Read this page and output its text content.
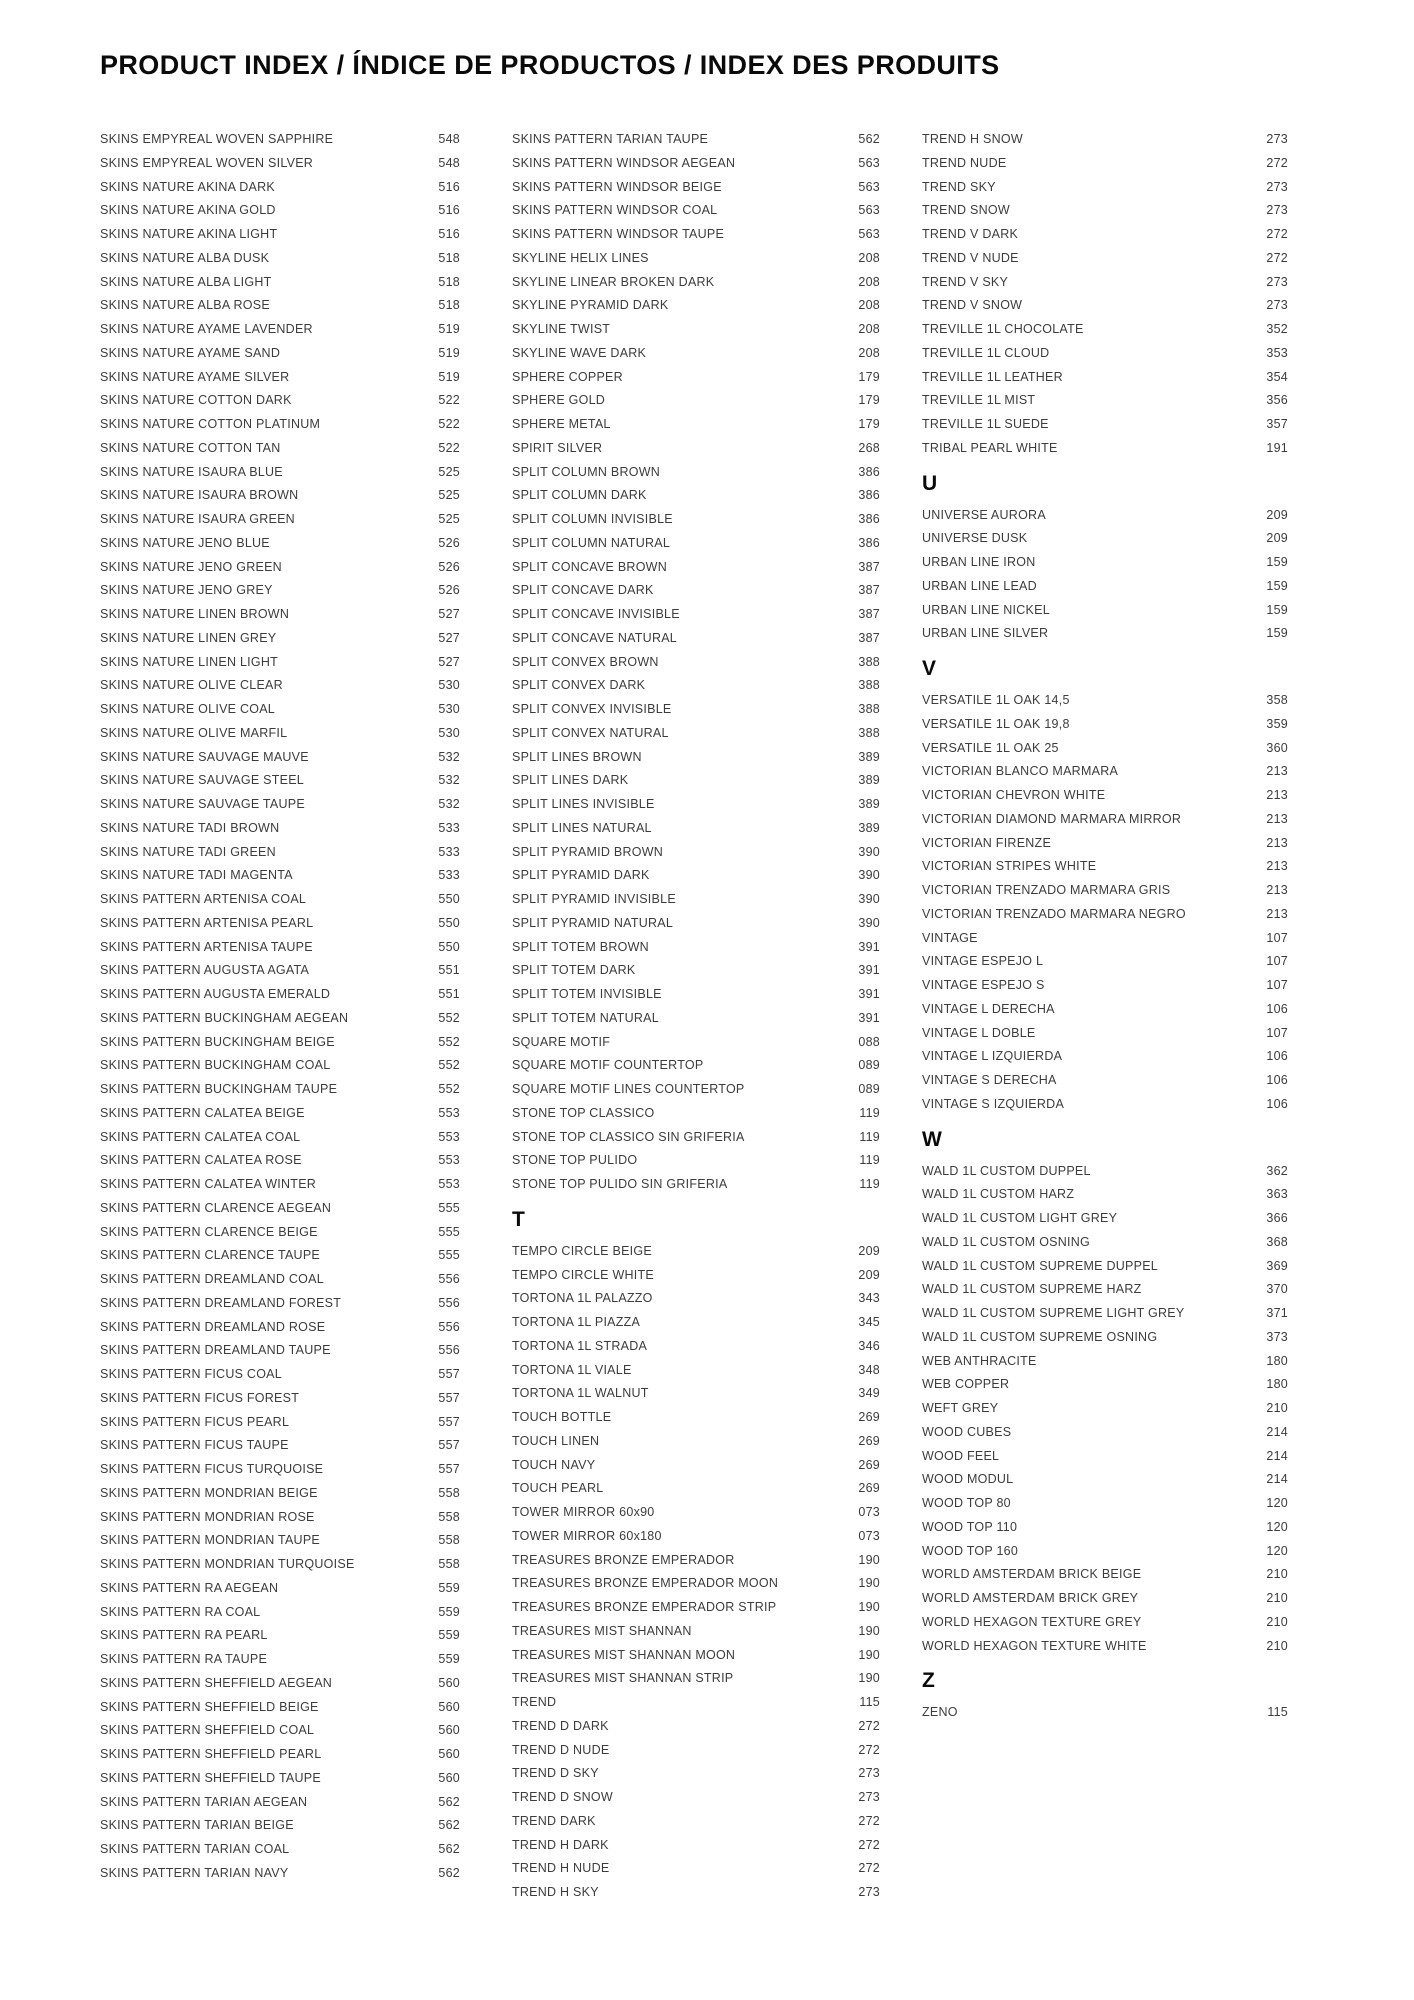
PRODUCT INDEX / ÍNDICE DE PRODUCTOS / INDEX DES PRODUITS
SKINS EMPYREAL WOVEN SAPPHIRE	548
SKINS EMPYREAL WOVEN SILVER	548
SKINS NATURE AKINA DARK	516
SKINS NATURE AKINA GOLD	516
SKINS NATURE AKINA LIGHT	516
SKINS NATURE ALBA DUSK	518
SKINS NATURE ALBA LIGHT	518
SKINS NATURE ALBA ROSE	518
SKINS NATURE AYAME LAVENDER	519
SKINS NATURE AYAME SAND	519
SKINS NATURE AYAME SILVER	519
SKINS NATURE COTTON DARK	522
SKINS NATURE COTTON PLATINUM	522
SKINS NATURE COTTON TAN	522
SKINS NATURE ISAURA BLUE	525
SKINS NATURE ISAURA BROWN	525
SKINS NATURE ISAURA GREEN	525
SKINS NATURE JENO BLUE	526
SKINS NATURE JENO GREEN	526
SKINS NATURE JENO GREY	526
SKINS NATURE LINEN BROWN	527
SKINS NATURE LINEN GREY	527
SKINS NATURE LINEN LIGHT	527
SKINS NATURE OLIVE CLEAR	530
SKINS NATURE OLIVE COAL	530
SKINS NATURE OLIVE MARFIL	530
SKINS NATURE SAUVAGE MAUVE	532
SKINS NATURE SAUVAGE STEEL	532
SKINS NATURE SAUVAGE TAUPE	532
SKINS NATURE TADI BROWN	533
SKINS NATURE TADI GREEN	533
SKINS NATURE TADI MAGENTA	533
SKINS PATTERN ARTENISA COAL	550
SKINS PATTERN ARTENISA PEARL	550
SKINS PATTERN ARTENISA TAUPE	550
SKINS PATTERN AUGUSTA AGATA	551
SKINS PATTERN AUGUSTA EMERALD	551
SKINS PATTERN BUCKINGHAM AEGEAN	552
SKINS PATTERN BUCKINGHAM BEIGE	552
SKINS PATTERN BUCKINGHAM COAL	552
SKINS PATTERN BUCKINGHAM TAUPE	552
SKINS PATTERN CALATEA BEIGE	553
SKINS PATTERN CALATEA COAL	553
SKINS PATTERN CALATEA ROSE	553
SKINS PATTERN CALATEA WINTER	553
SKINS PATTERN CLARENCE AEGEAN	555
SKINS PATTERN CLARENCE BEIGE	555
SKINS PATTERN CLARENCE TAUPE	555
SKINS PATTERN DREAMLAND COAL	556
SKINS PATTERN DREAMLAND FOREST	556
SKINS PATTERN DREAMLAND ROSE	556
SKINS PATTERN DREAMLAND TAUPE	556
SKINS PATTERN FICUS COAL	557
SKINS PATTERN FICUS FOREST	557
SKINS PATTERN FICUS PEARL	557
SKINS PATTERN FICUS TAUPE	557
SKINS PATTERN FICUS TURQUOISE	557
SKINS PATTERN MONDRIAN BEIGE	558
SKINS PATTERN MONDRIAN ROSE	558
SKINS PATTERN MONDRIAN TAUPE	558
SKINS PATTERN MONDRIAN TURQUOISE	558
SKINS PATTERN RA AEGEAN	559
SKINS PATTERN RA COAL	559
SKINS PATTERN RA PEARL	559
SKINS PATTERN RA TAUPE	559
SKINS PATTERN SHEFFIELD AEGEAN	560
SKINS PATTERN SHEFFIELD BEIGE	560
SKINS PATTERN SHEFFIELD COAL	560
SKINS PATTERN SHEFFIELD PEARL	560
SKINS PATTERN SHEFFIELD TAUPE	560
SKINS PATTERN TARIAN AEGEAN	562
SKINS PATTERN TARIAN BEIGE	562
SKINS PATTERN TARIAN COAL	562
SKINS PATTERN TARIAN NAVY	562
SKINS PATTERN TARIAN TAUPE	562
SKINS PATTERN WINDSOR AEGEAN	563
SKINS PATTERN WINDSOR BEIGE	563
SKINS PATTERN WINDSOR COAL	563
SKINS PATTERN WINDSOR TAUPE	563
SKYLINE HELIX LINES	208
SKYLINE LINEAR BROKEN DARK	208
SKYLINE PYRAMID DARK	208
SKYLINE TWIST	208
SKYLINE WAVE DARK	208
SPHERE COPPER	179
SPHERE GOLD	179
SPHERE METAL	179
SPIRIT SILVER	268
SPLIT COLUMN BROWN	386
SPLIT COLUMN DARK	386
SPLIT COLUMN INVISIBLE	386
SPLIT COLUMN NATURAL	386
SPLIT CONCAVE BROWN	387
SPLIT CONCAVE DARK	387
SPLIT CONCAVE INVISIBLE	387
SPLIT CONCAVE NATURAL	387
SPLIT CONVEX BROWN	388
SPLIT CONVEX DARK	388
SPLIT CONVEX INVISIBLE	388
SPLIT CONVEX NATURAL	388
SPLIT LINES BROWN	389
SPLIT LINES DARK	389
SPLIT LINES INVISIBLE	389
SPLIT LINES NATURAL	389
SPLIT PYRAMID BROWN	390
SPLIT PYRAMID DARK	390
SPLIT PYRAMID INVISIBLE	390
SPLIT PYRAMID NATURAL	390
SPLIT TOTEM BROWN	391
SPLIT TOTEM DARK	391
SPLIT TOTEM INVISIBLE	391
SPLIT TOTEM NATURAL	391
SQUARE MOTIF	088
SQUARE MOTIF COUNTERTOP	089
SQUARE MOTIF LINES COUNTERTOP	089
STONE TOP CLASSICO	119
STONE TOP CLASSICO SIN GRIFERIA	119
STONE TOP PULIDO	119
STONE TOP PULIDO SIN GRIFERIA	119
T
TEMPO CIRCLE BEIGE	209
TEMPO CIRCLE WHITE	209
TORTONA 1L PALAZZO	343
TORTONA 1L PIAZZA	345
TORTONA 1L STRADA	346
TORTONA 1L VIALE	348
TORTONA 1L WALNUT	349
TOUCH BOTTLE	269
TOUCH LINEN	269
TOUCH NAVY	269
TOUCH PEARL	269
TOWER MIRROR 60x90	073
TOWER MIRROR 60x180	073
TREASURES BRONZE EMPERADOR	190
TREASURES BRONZE EMPERADOR MOON	190
TREASURES BRONZE EMPERADOR STRIP	190
TREASURES MIST SHANNAN	190
TREASURES MIST SHANNAN MOON	190
TREASURES MIST SHANNAN STRIP	190
TREND	115
TREND D DARK	272
TREND D NUDE	272
TREND D SKY	273
TREND D SNOW	273
TREND DARK	272
TREND H DARK	272
TREND H NUDE	272
TREND H SKY	273
TREND H SNOW	273
TREND NUDE	272
TREND SKY	273
TREND SNOW	273
TREND V DARK	272
TREND V NUDE	272
TREND V SKY	273
TREND V SNOW	273
TREVILLE 1L CHOCOLATE	352
TREVILLE 1L CLOUD	353
TREVILLE 1L LEATHER	354
TREVILLE 1L MIST	356
TREVILLE 1L SUEDE	357
TRIBAL PEARL WHITE	191
U
UNIVERSE AURORA	209
UNIVERSE DUSK	209
URBAN LINE IRON	159
URBAN LINE LEAD	159
URBAN LINE NICKEL	159
URBAN LINE SILVER	159
V
VERSATILE 1L OAK 14,5	358
VERSATILE 1L OAK 19,8	359
VERSATILE 1L OAK 25	360
VICTORIAN BLANCO MARMARA	213
VICTORIAN CHEVRON WHITE	213
VICTORIAN DIAMOND MARMARA MIRROR	213
VICTORIAN FIRENZE	213
VICTORIAN STRIPES WHITE	213
VICTORIAN TRENZADO MARMARA GRIS	213
VICTORIAN TRENZADO MARMARA NEGRO	213
VINTAGE	107
VINTAGE ESPEJO L	107
VINTAGE ESPEJO S	107
VINTAGE L DERECHA	106
VINTAGE L DOBLE	107
VINTAGE L IZQUIERDA	106
VINTAGE S DERECHA	106
VINTAGE S IZQUIERDA	106
W
WALD 1L CUSTOM DUPPEL	362
WALD 1L CUSTOM HARZ	363
WALD 1L CUSTOM LIGHT GREY	366
WALD 1L CUSTOM OSNING	368
WALD 1L CUSTOM SUPREME DUPPEL	369
WALD 1L CUSTOM SUPREME HARZ	370
WALD 1L CUSTOM SUPREME LIGHT GREY	371
WALD 1L CUSTOM SUPREME OSNING	373
WEB ANTHRACITE	180
WEB COPPER	180
WEFT GREY	210
WOOD CUBES	214
WOOD FEEL	214
WOOD MODUL	214
WOOD TOP 80	120
WOOD TOP 110	120
WOOD TOP 160	120
WORLD AMSTERDAM BRICK BEIGE	210
WORLD AMSTERDAM BRICK GREY	210
WORLD HEXAGON TEXTURE GREY	210
WORLD HEXAGON TEXTURE WHITE	210
Z
ZENO	115
